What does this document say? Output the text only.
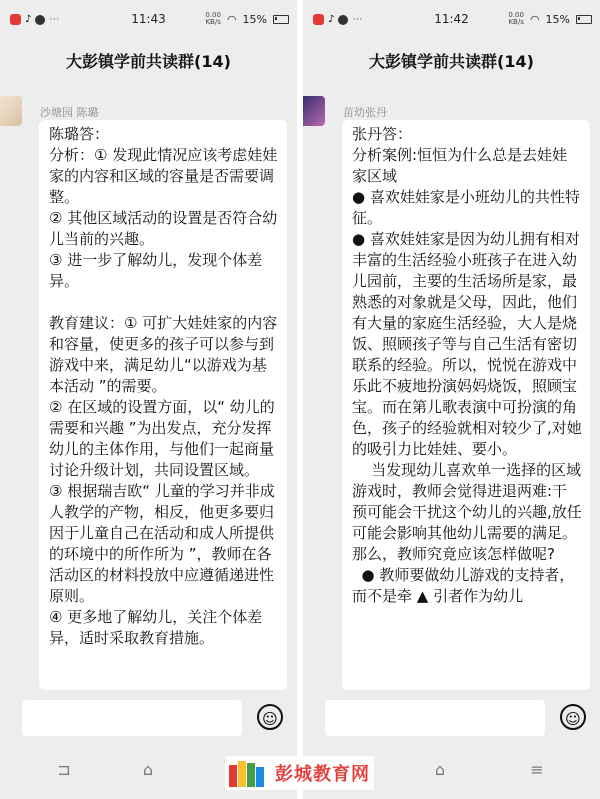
♪ ⋯	11:43	0.00
KB/s ◠ 15%
大彭镇学前共读群(14)
沙塘园 陈璐
陈璐答：
分析：① 发现此情况应该考虑娃娃家的内容和区域的容量是否需要调整。
② 其他区域活动的设置是否符合幼儿当前的兴趣。
③ 进一步了解幼儿，发现个体差异。

教育建议：① 可扩大娃娃家的内容和容量，使更多的孩子可以参与到游戏中来，满足幼儿“以游戏为基本活动 ”的需要。
② 在区域的设置方面，以“ 幼儿的需要和兴趣 ”为出发点，充分发挥幼儿的主体作用，与他们一起商量讨论升级计划，共同设置区域。
③ 根据瑞吉欧“ 儿童的学习并非成人教学的产物，相反，他更多要归因于儿童自己在活动和成人所提供的环境中的所作所为 ”，教师在各活动区的材料投放中应遵循递进性原则。
④ 更多地了解幼儿，关注个体差异，适时采取教育措施。
☺
⊐	⌂
♪ ⋯	11:42	0.00
KB/s ◠ 15%
大彭镇学前共读群(14)
苗幼张丹
张丹答：
分析案例:恒恒为什么总是去娃娃家区域
● 喜欢娃娃家是小班幼儿的共性特征。
● 喜欢娃娃家是因为幼儿拥有相对丰富的生活经验小班孩子在进入幼儿园前，主要的生活场所是家，最熟悉的对象就是父母，因此，他们有大量的家庭生活经验，大人是烧饭、照顾孩子等与自己生活有密切联系的经验。所以，悦悦在游戏中乐此不疲地扮演妈妈烧饭，照顾宝宝。而在第儿歌表演中可扮演的角色，孩子的经验就相对较少了,对她的吸引力比娃娃、要小。
当发现幼儿喜欢单一选择的区域游戏时，教师会觉得进退两难:干预可能会干扰这个幼儿的兴趣,放任可能会影响其他幼儿需要的满足。那么，教师究竟应该怎样做呢?
● 教师要做幼儿游戏的支持者，而不是牵 ▲ 引者作为幼儿
☺
⌂	≡
彭城教育网
